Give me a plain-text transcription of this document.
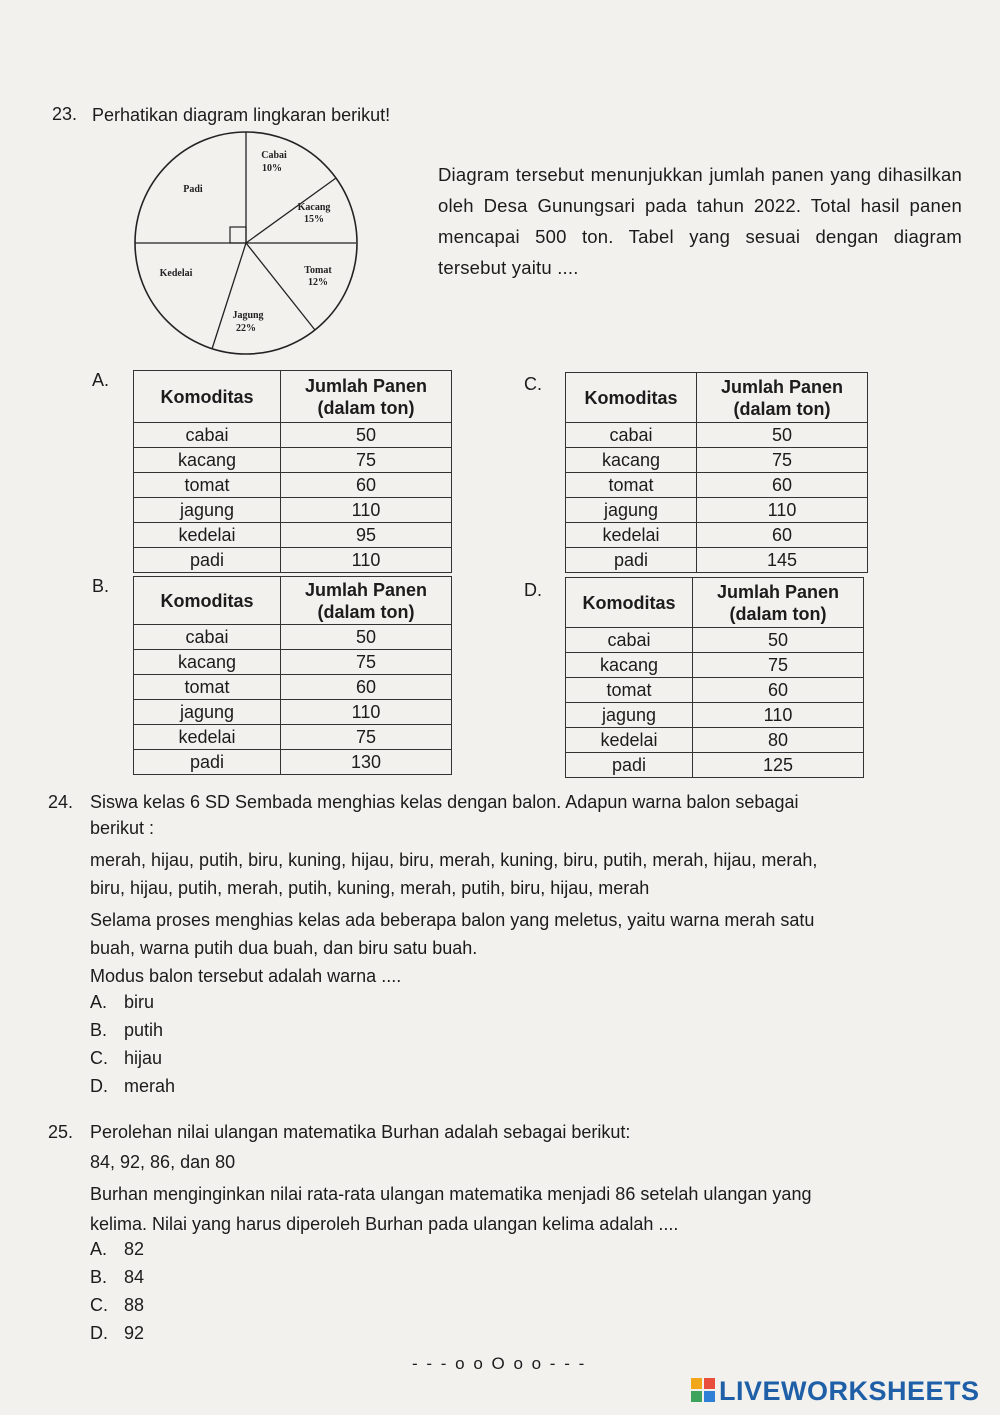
23. Perhatikan diagram lingkaran berikut!
Cabai
10%
Kacang
15%
Tomat
12%
Jagung
22%
Kedelai
Padi
Diagram tersebut menunjukkan jumlah panen yang dihasilkan oleh Desa Gunungsari pada tahun 2022. Total hasil panen mencapai 500 ton. Tabel yang sesuai dengan diagram tersebut yaitu ....
A.
Komoditas	Jumlah Panen (dalam ton)
cabai	50
kacang	75
tomat	60
jagung	110
kedelai	95
padi	110
B.
Komoditas	Jumlah Panen (dalam ton)
cabai	50
kacang	75
tomat	60
jagung	110
kedelai	75
padi	130
C.
Komoditas	Jumlah Panen (dalam ton)
cabai	50
kacang	75
tomat	60
jagung	110
kedelai	60
padi	145
D.
Komoditas	Jumlah Panen (dalam ton)
cabai	50
kacang	75
tomat	60
jagung	110
kedelai	80
padi	125
24. Siswa kelas 6 SD Sembada menghias kelas dengan balon. Adapun warna balon sebagai
berikut :
merah, hijau, putih, biru, kuning, hijau, biru, merah, kuning, biru, putih, merah, hijau, merah,
biru, hijau, putih, merah, putih, kuning, merah, putih, biru, hijau, merah
Selama proses menghias kelas ada beberapa balon yang meletus, yaitu warna merah satu
buah, warna putih dua buah, dan biru satu buah.
Modus balon tersebut adalah warna ....
A. biru
B. putih
C. hijau
D. merah
25. Perolehan nilai ulangan matematika Burhan adalah sebagai berikut:
84, 92, 86, dan 80
Burhan menginginkan nilai rata-rata ulangan matematika menjadi 86 setelah ulangan yang
kelima. Nilai yang harus diperoleh Burhan pada ulangan kelima adalah ....
A. 82
B. 84
C. 88
D. 92
- - - o o O o o - - -
LIVEWORKSHEETS
